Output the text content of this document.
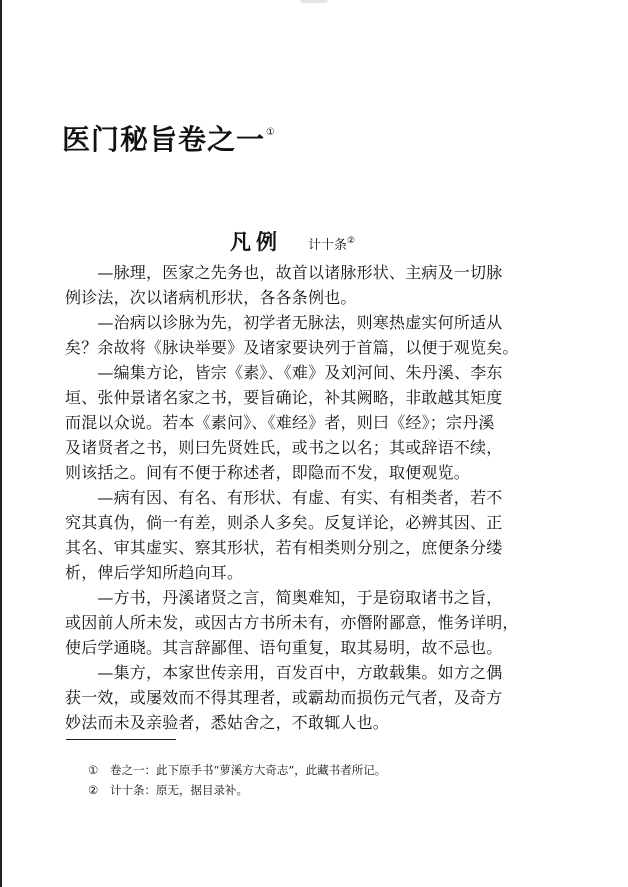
医门秘旨卷之一①
凡例 计十条②
　　—脉理，医家之先务也，故首以诸脉形状、主病及一切脉
例诊法，次以诸病机形状，各各条例也。
　　—治病以诊脉为先，初学者无脉法，则寒热虚实何所适从
矣？余故将《脉诀举要》及诸家要诀列于首篇，以便于观览矣。
　　—编集方论，皆宗《素》、《难》及刘河间、朱丹溪、李东
垣、张仲景诸名家之书，要旨确论，补其阙略，非敢越其矩度
而混以众说。若本《素问》、《难经》者，则曰《经》；宗丹溪
及诸贤者之书，则曰先贤姓氏，或书之以名；其或辞语不续，
则该括之。间有不便于称述者，即隐而不发，取便观览。
　　—病有因、有名、有形状、有虚、有实、有相类者，若不
究其真伪，倘一有差，则杀人多矣。反复详论，必辨其因、正
其名、审其虚实、察其形状，若有相类则分别之，庶便条分缕
析，俾后学知所趋向耳。
　　—方书，丹溪诸贤之言，简奥难知，于是窃取诸书之旨，
或因前人所未发，或因古方书所未有，亦僭附鄙意，惟务详明，
使后学通晓。其言辞鄙俚、语句重复，取其易明，故不忌也。
　　—集方，本家世传亲用，百发百中，方敢载集。如方之偶
获一效，或屡效而不得其理者，或霸劫而损伤元气者，及奇方
妙法而未及亲验者，悉姑舍之，不敢辄人也。
① 卷之一：此下原手书“萝溪方大奇志”，此藏书者所记。
② 计十条：原无，据目录补。
